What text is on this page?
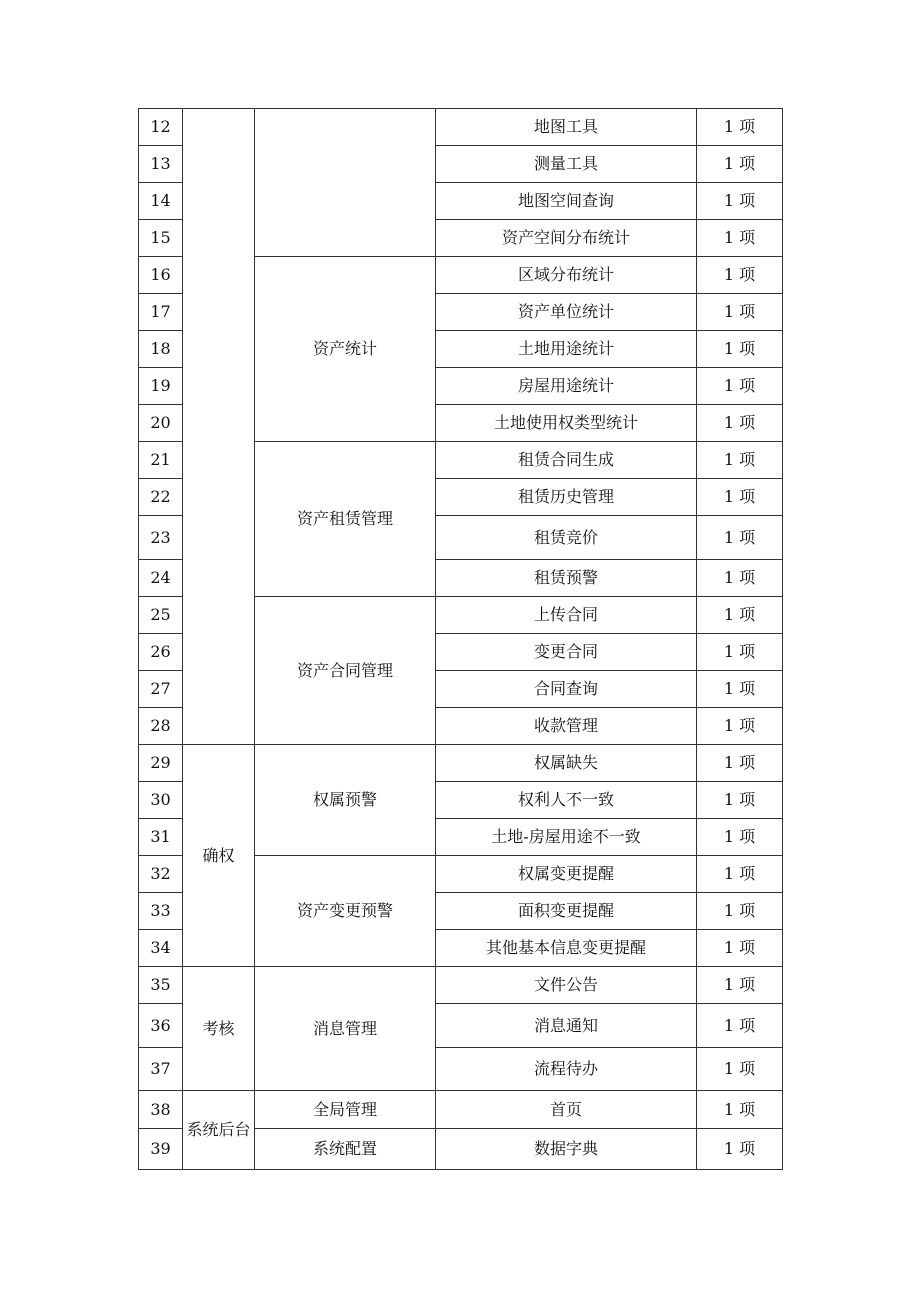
12			地图工具	1 项
13			测量工具	1 项
14			地图空间查询	1 项
15			资产空间分布统计	1 项
16		资产统计	区域分布统计	1 项
17			资产单位统计	1 项
18			土地用途统计	1 项
19			房屋用途统计	1 项
20			土地使用权类型统计	1 项
21		资产租赁管理	租赁合同生成	1 项
22			租赁历史管理	1 项
23			租赁竞价	1 项
24			租赁预警	1 项
25		资产合同管理	上传合同	1 项
26			变更合同	1 项
27			合同查询	1 项
28			收款管理	1 项
29	确权	权属预警	权属缺失	1 项
30			权利人不一致	1 项
31			土地-房屋用途不一致	1 项
32		资产变更预警	权属变更提醒	1 项
33			面积变更提醒	1 项
34			其他基本信息变更提醒	1 项
35	考核	消息管理	文件公告	1 项
36			消息通知	1 项
37			流程待办	1 项
38	系统后台	全局管理	首页	1 项
39		系统配置	数据字典	1 项
